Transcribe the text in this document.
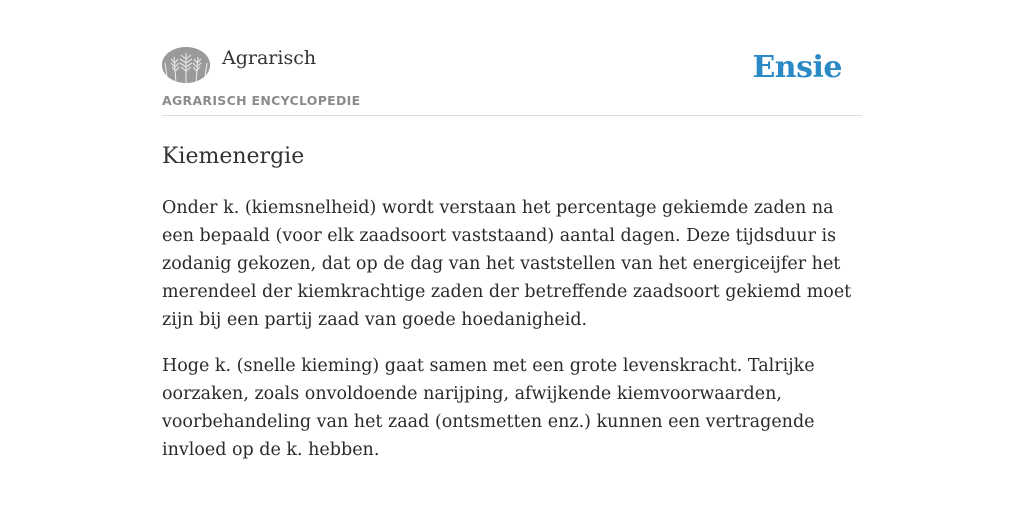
Agrarisch
AGRARISCH ENCYCLOPEDIE
Ensie
Kiemenergie

Onder k. (kiemsnelheid) wordt verstaan het percentage gekiemde zaden na een bepaald (voor elk zaadsoort vaststaand) aantal dagen. Deze tijdsduur is zodanig gekozen, dat op de dag van het vaststellen van het energiceijfer het merendeel der kiemkrachtige zaden der betreffende zaadsoort gekiemd moet zijn bij een partij zaad van goede hoedanigheid.

Hoge k. (snelle kieming) gaat samen met een grote levenskracht. Talrijke oorzaken, zoals onvoldoende narijping, afwijkende kiemvoorwaarden, voorbehandeling van het zaad (ontsmetten enz.) kunnen een vertragende invloed op de k. hebben.
